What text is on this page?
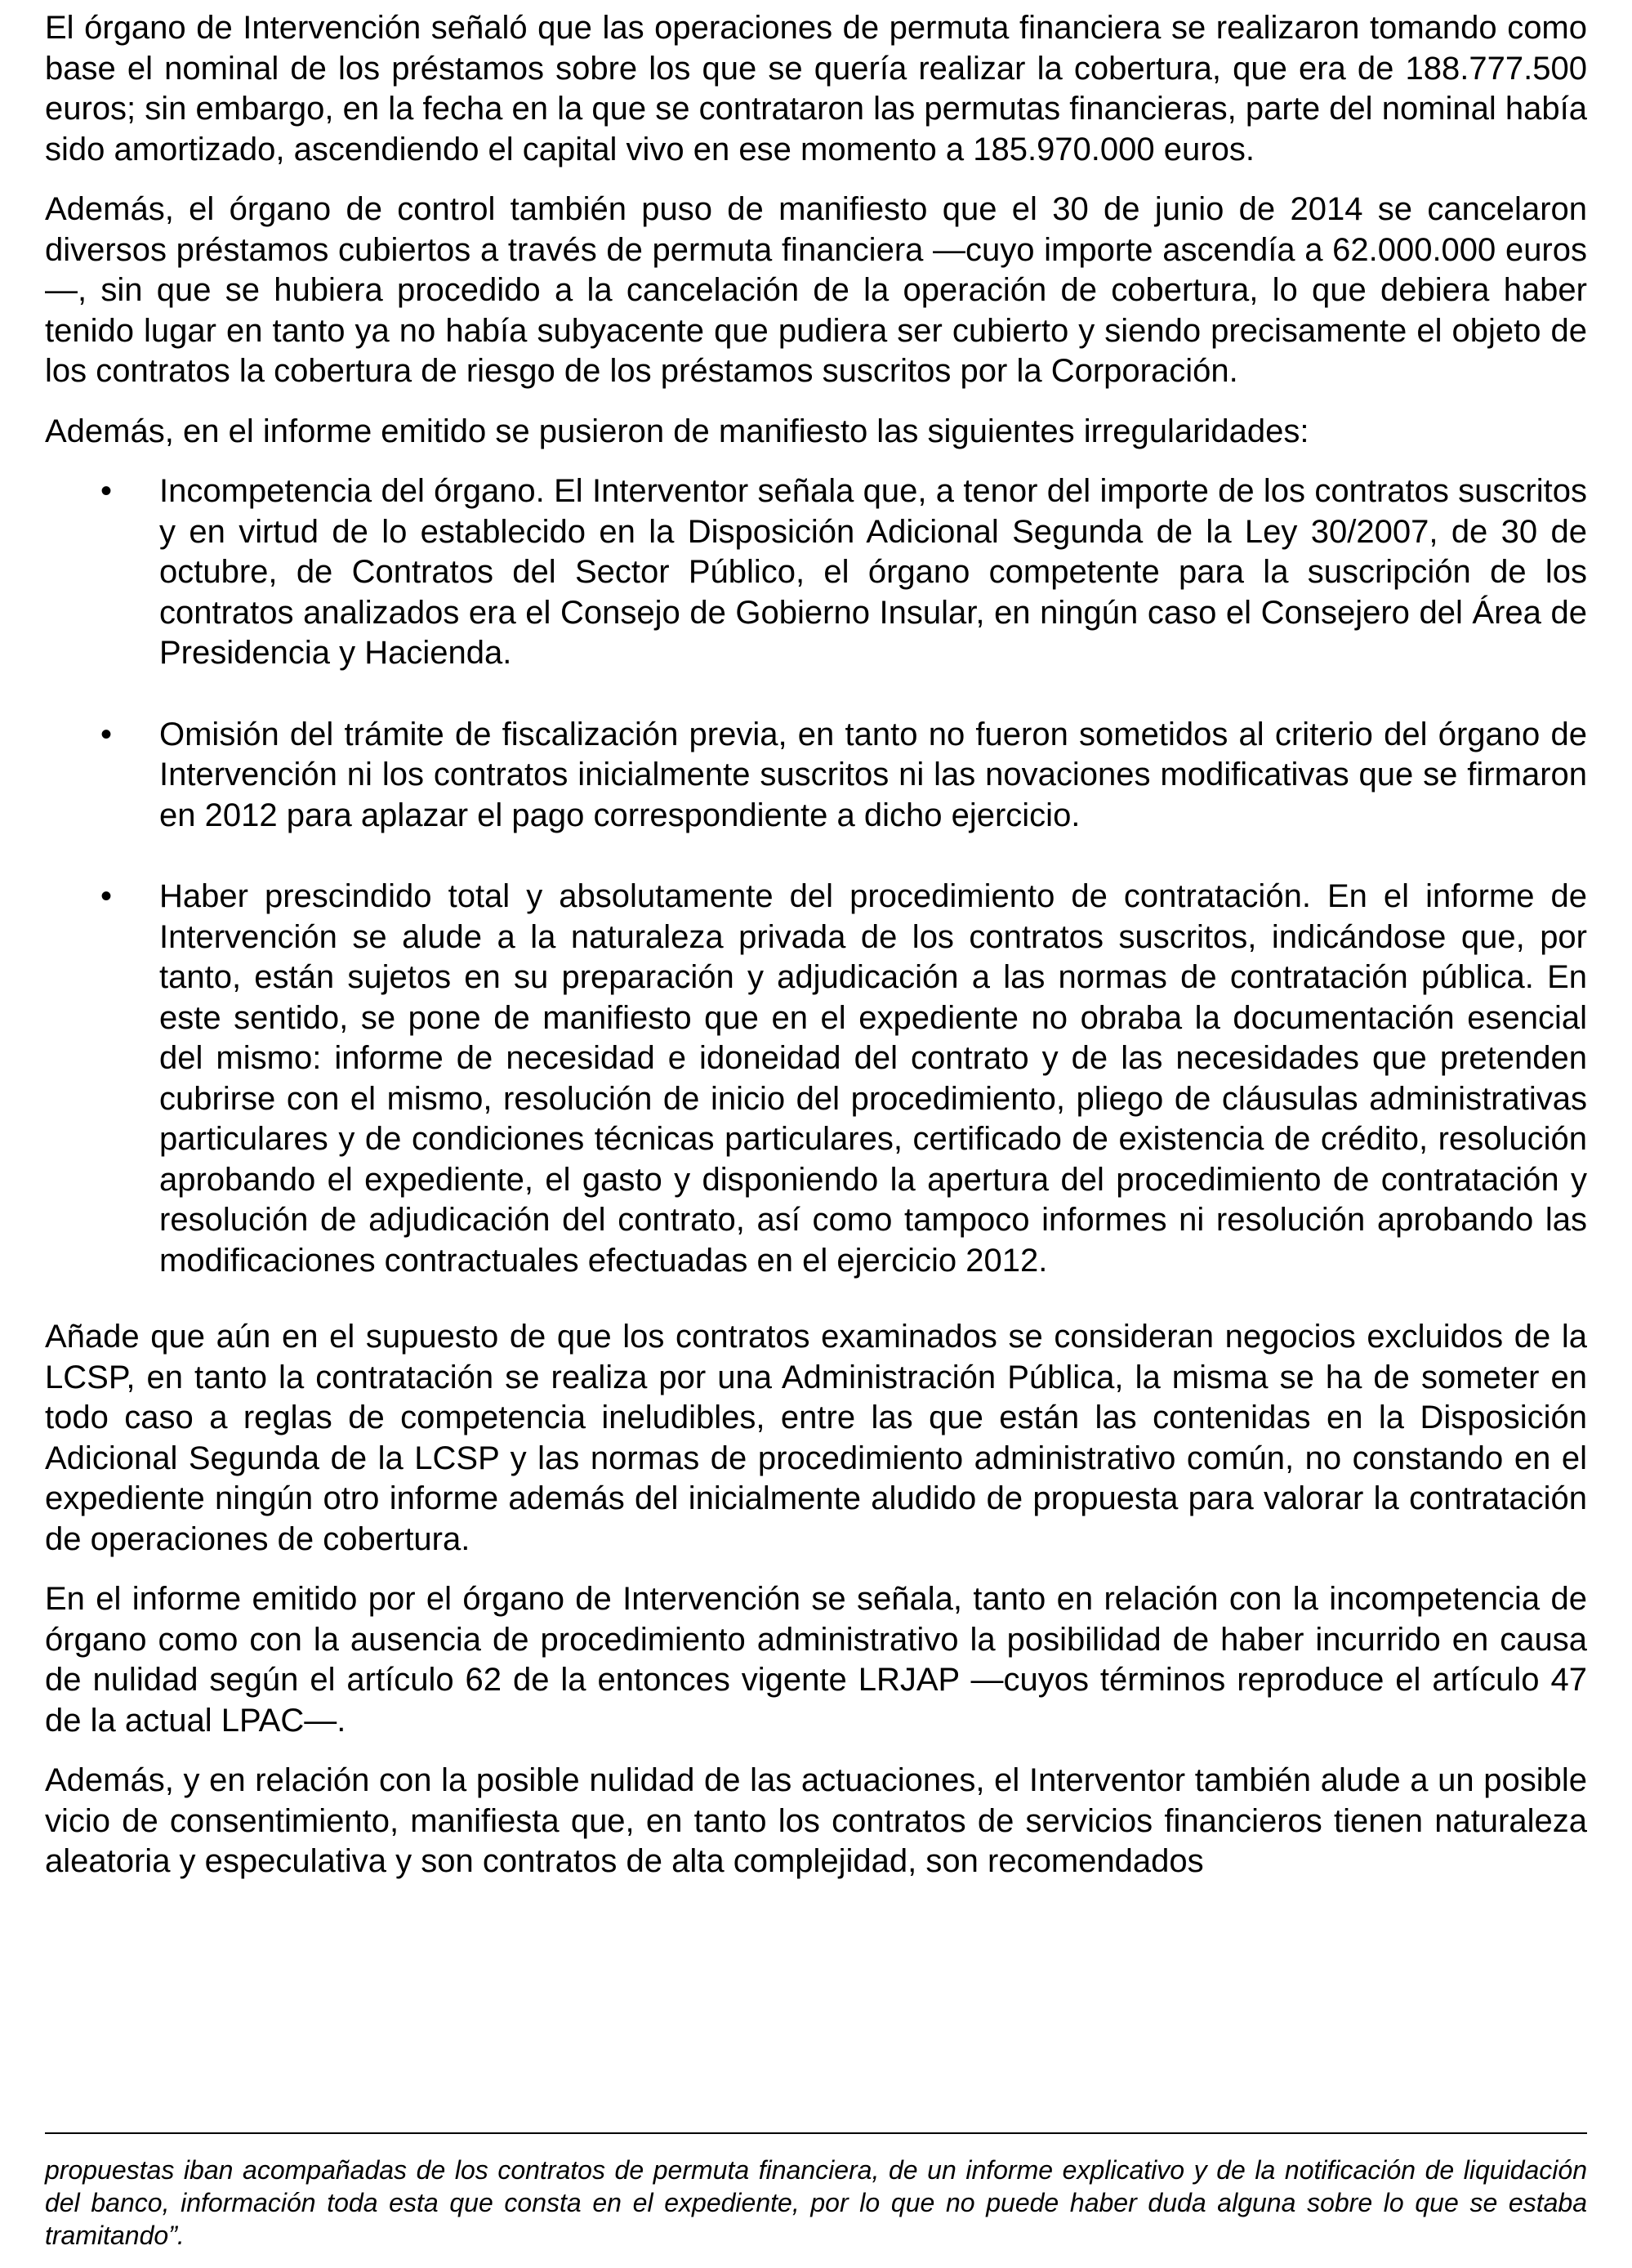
El órgano de Intervención señaló que las operaciones de permuta financiera se realizaron tomando como base el nominal de los préstamos sobre los que se quería realizar la cobertura, que era de 188.777.500 euros; sin embargo, en la fecha en la que se contrataron las permutas financieras, parte del nominal había sido amortizado, ascendiendo el capital vivo en ese momento a 185.970.000 euros.

Además, el órgano de control también puso de manifiesto que el 30 de junio de 2014 se cancelaron diversos préstamos cubiertos a través de permuta financiera —cuyo importe ascendía a 62.000.000 euros—, sin que se hubiera procedido a la cancelación de la operación de cobertura, lo que debiera haber tenido lugar en tanto ya no había subyacente que pudiera ser cubierto y siendo precisamente el objeto de los contratos la cobertura de riesgo de los préstamos suscritos por la Corporación.

Además, en el informe emitido se pusieron de manifiesto las siguientes irregularidades:

• Incompetencia del órgano. El Interventor señala que, a tenor del importe de los contratos suscritos y en virtud de lo establecido en la Disposición Adicional Segunda de la Ley 30/2007, de 30 de octubre, de Contratos del Sector Público, el órgano competente para la suscripción de los contratos analizados era el Consejo de Gobierno Insular, en ningún caso el Consejero del Área de Presidencia y Hacienda.
• Omisión del trámite de fiscalización previa, en tanto no fueron sometidos al criterio del órgano de Intervención ni los contratos inicialmente suscritos ni las novaciones modificativas que se firmaron en 2012 para aplazar el pago correspondiente a dicho ejercicio.
• Haber prescindido total y absolutamente del procedimiento de contratación. En el informe de Intervención se alude a la naturaleza privada de los contratos suscritos, indicándose que, por tanto, están sujetos en su preparación y adjudicación a las normas de contratación pública. En este sentido, se pone de manifiesto que en el expediente no obraba la documentación esencial del mismo: informe de necesidad e idoneidad del contrato y de las necesidades que pretenden cubrirse con el mismo, resolución de inicio del procedimiento, pliego de cláusulas administrativas particulares y de condiciones técnicas particulares, certificado de existencia de crédito, resolución aprobando el expediente, el gasto y disponiendo la apertura del procedimiento de contratación y resolución de adjudicación del contrato, así como tampoco informes ni resolución aprobando las modificaciones contractuales efectuadas en el ejercicio 2012.

Añade que aún en el supuesto de que los contratos examinados se consideran negocios excluidos de la LCSP, en tanto la contratación se realiza por una Administración Pública, la misma se ha de someter en todo caso a reglas de competencia ineludibles, entre las que están las contenidas en la Disposición Adicional Segunda de la LCSP y las normas de procedimiento administrativo común, no constando en el expediente ningún otro informe además del inicialmente aludido de propuesta para valorar la contratación de operaciones de cobertura.

En el informe emitido por el órgano de Intervención se señala, tanto en relación con la incompetencia de órgano como con la ausencia de procedimiento administrativo la posibilidad de haber incurrido en causa de nulidad según el artículo 62 de la entonces vigente LRJAP —cuyos términos reproduce el artículo 47 de la actual LPAC—.

Además, y en relación con la posible nulidad de las actuaciones, el Interventor también alude a un posible vicio de consentimiento, manifiesta que, en tanto los contratos de servicios financieros tienen naturaleza aleatoria y especulativa y son contratos de alta complejidad, son recomendados

propuestas iban acompañadas de los contratos de permuta financiera, de un informe explicativo y de la notificación de liquidación del banco, información toda esta que consta en el expediente, por lo que no puede haber duda alguna sobre lo que se estaba tramitando”.
